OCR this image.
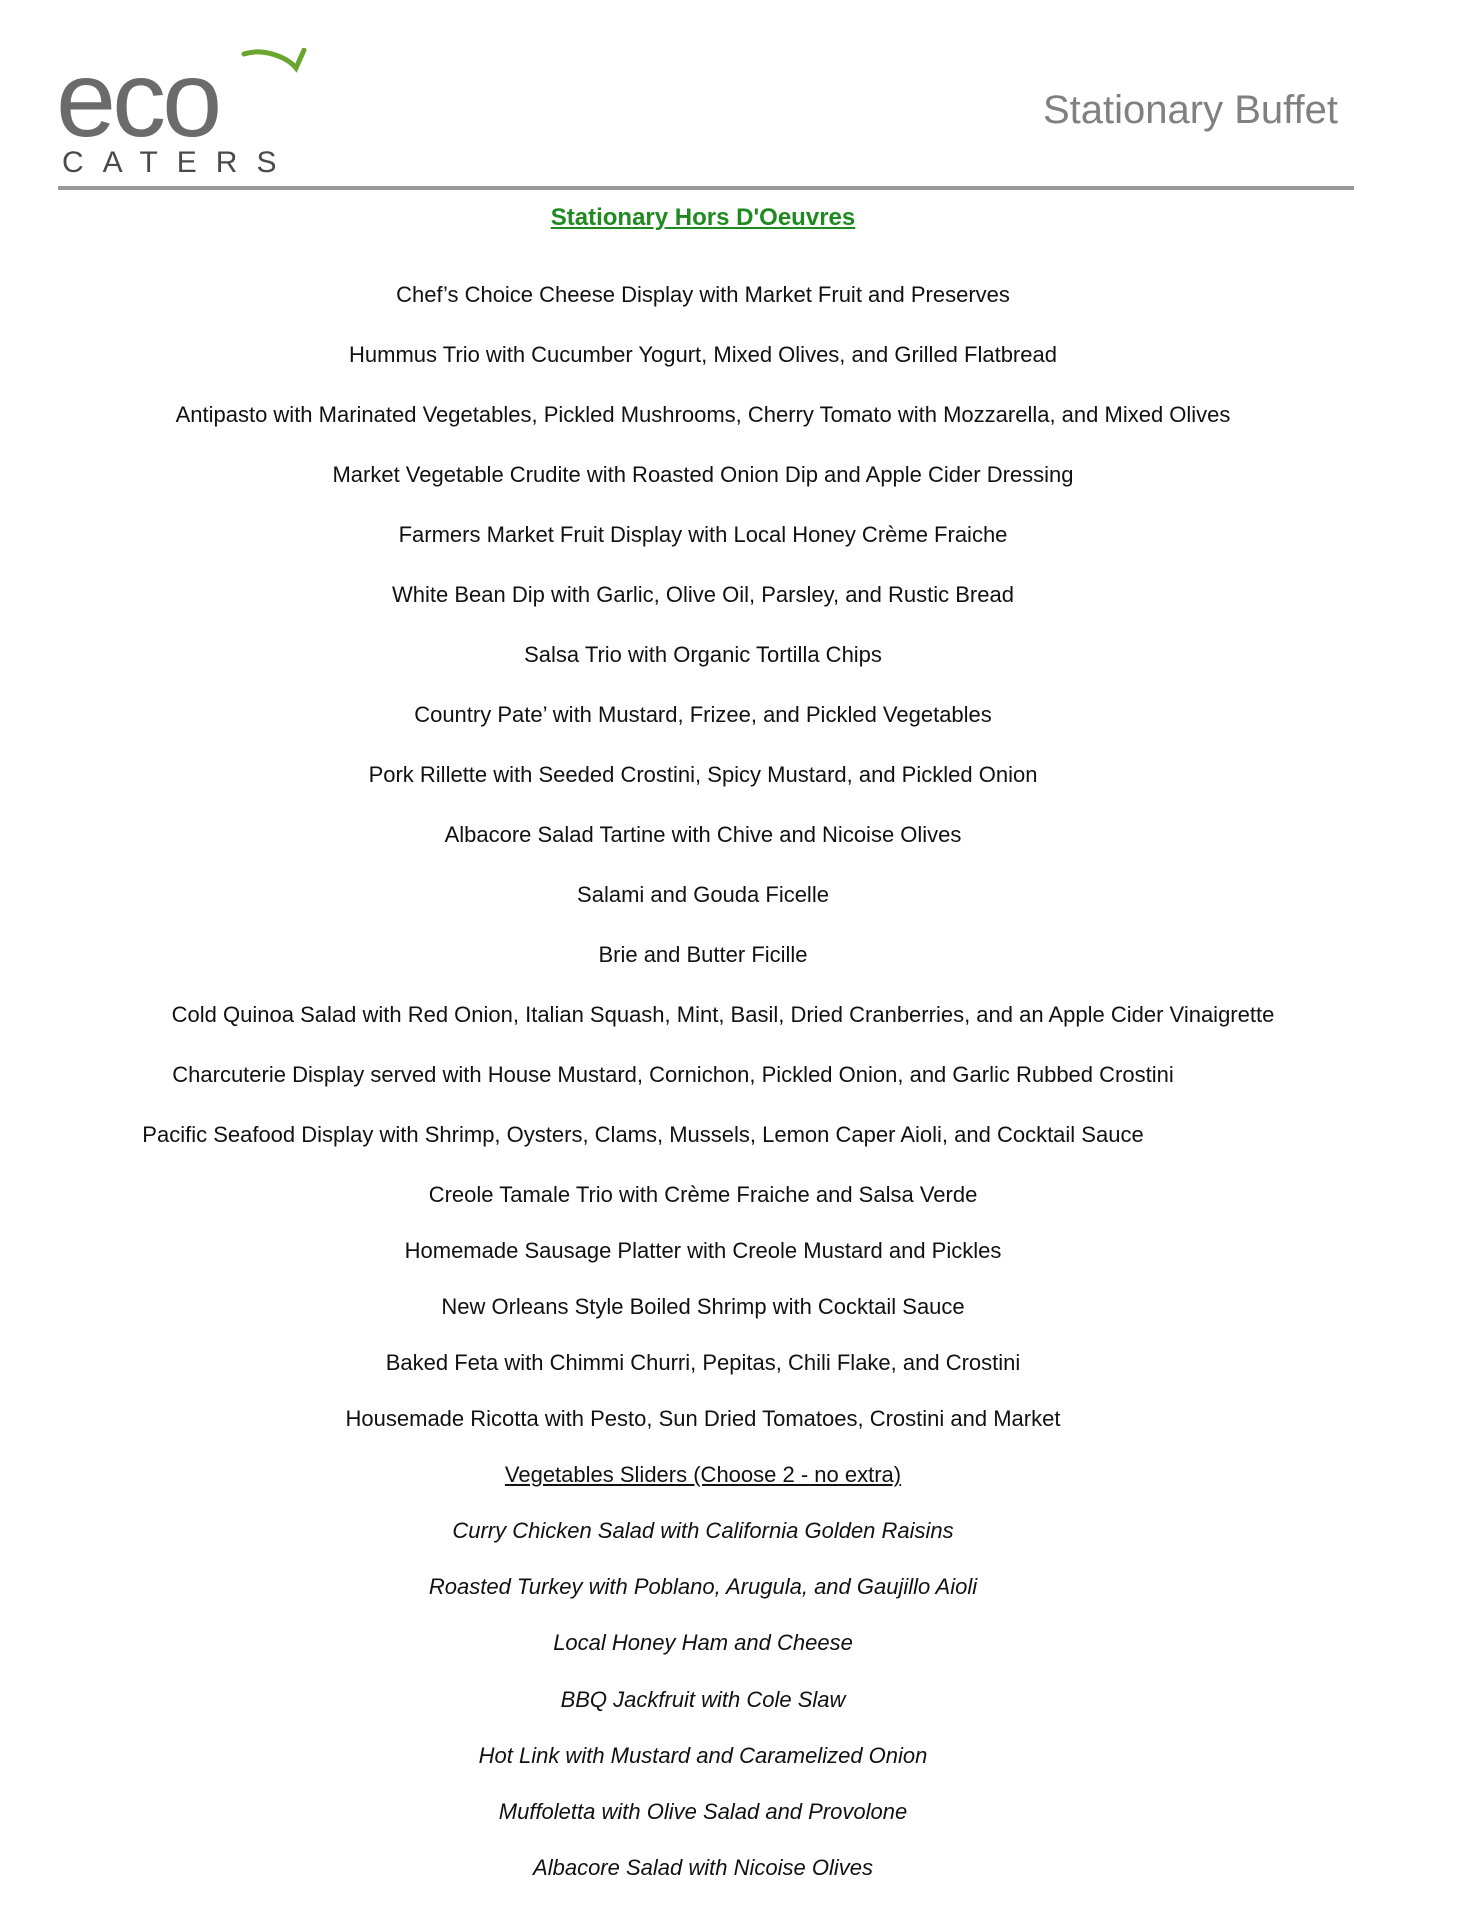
eco
CATERS
Stationary Buffet
Stationary Hors D'Oeuvres
Chef’s Choice Cheese Display with Market Fruit and Preserves
Hummus Trio with Cucumber Yogurt, Mixed Olives, and Grilled Flatbread
Antipasto with Marinated Vegetables, Pickled Mushrooms, Cherry Tomato with Mozzarella, and Mixed Olives
Market Vegetable Crudite with Roasted Onion Dip and Apple Cider Dressing
Farmers Market Fruit Display with Local Honey Crème Fraiche
White Bean Dip with Garlic, Olive Oil, Parsley, and Rustic Bread
Salsa Trio with Organic Tortilla Chips
Country Pate’ with Mustard, Frizee, and Pickled Vegetables
Pork Rillette with Seeded Crostini, Spicy Mustard, and Pickled Onion
Albacore Salad Tartine with Chive and Nicoise Olives
Salami and Gouda Ficelle
Brie and Butter Ficille
Cold Quinoa Salad with Red Onion, Italian Squash, Mint, Basil, Dried Cranberries, and an Apple Cider Vinaigrette
Charcuterie Display served with House Mustard, Cornichon, Pickled Onion, and Garlic Rubbed Crostini
Pacific Seafood Display with Shrimp, Oysters, Clams, Mussels, Lemon Caper Aioli, and Cocktail Sauce
Creole Tamale Trio with Crème Fraiche and Salsa Verde
Homemade Sausage Platter with Creole Mustard and Pickles
New Orleans Style Boiled Shrimp with Cocktail Sauce
Baked Feta with Chimmi Churri, Pepitas, Chili Flake, and Crostini
Housemade Ricotta with Pesto, Sun Dried Tomatoes, Crostini and Market
Vegetables Sliders (Choose 2 - no extra)
Curry Chicken Salad with California Golden Raisins
Roasted Turkey with Poblano, Arugula, and Gaujillo Aioli
Local Honey Ham and Cheese
BBQ Jackfruit with Cole Slaw
Hot Link with Mustard and Caramelized Onion
Muffoletta with Olive Salad and Provolone
Albacore Salad with Nicoise Olives
